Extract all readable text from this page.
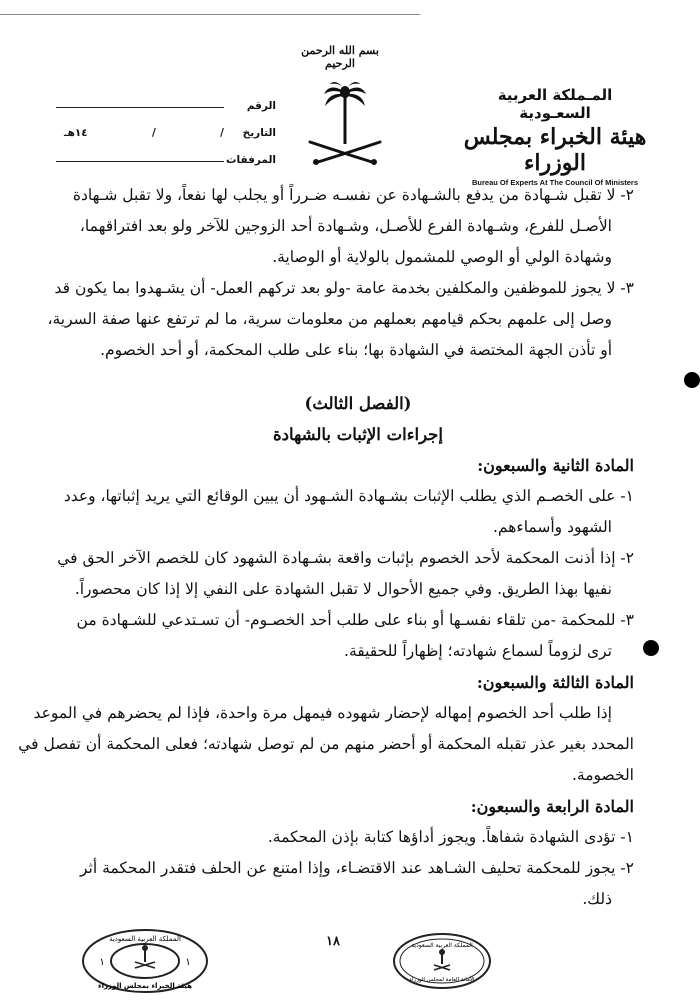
بسم الله الرحمن الرحيم
المـملكة العربية السعـودية
هيئة الخبراء بمجلس الوزراء
Bureau Of Experts At The Council Of Ministers
الرقم
التاريخ
/
/
١٤هـ
المرفقات
٢- لا تقبل شـهادة من يدفع بالشـهادة عن نفسـه ضـرراً أو يجلب لها نفعاً، ولا تقبل شـهادة
الأصـل للفرع، وشـهادة الفرع للأصـل، وشـهادة أحد الزوجين للآخر ولو بعد افتراقهما،
وشهادة الولي أو الوصي للمشمول بالولاية أو الوصاية.
٣- لا يجوز للموظفين والمكلفين بخدمة عامة -ولو بعد تركهم العمل- أن يشـهدوا بما يكون قد
وصل إلى علمهم بحكم قيامهم بعملهم من معلومات سرية، ما لم ترتفع عنها صفة السرية،
أو تأذن الجهة المختصة في الشهادة بها؛ بناء على طلب المحكمة، أو أحد الخصوم.
(الفصل الثالث)
إجراءات الإثبات بالشهادة
المادة الثانية والسبعون:
١- على الخصـم الذي يطلب الإثبات بشـهادة الشـهود أن يبين الوقائع التي يريد إثباتها، وعدد
الشهود وأسماءهم.
٢- إذا أذنت المحكمة لأحد الخصوم بإثبات واقعة بشـهادة الشهود كان للخصم الآخر الحق في
نفيها بهذا الطريق. وفي جميع الأحوال لا تقبل الشهادة على النفي إلا إذا كان محصوراً.
٣- للمحكمة -من تلقاء نفسـها أو بناء على طلب أحد الخصـوم- أن تسـتدعي للشـهادة من
ترى لزوماً لسماع شهادته؛ إظهاراً للحقيقة.
المادة الثالثة والسبعون:
إذا طلب أحد الخصوم إمهاله لإحضار شهوده فيمهل مرة واحدة، فإذا لم يحضرهم في الموعد
المحدد بغير عذر تقبله المحكمة أو أحضر منهم من لم توصل شهادته؛ فعلى المحكمة أن تفصل في
الخصومة.
المادة الرابعة والسبعون:
١- تؤدى الشهادة شفاهاً. ويجوز أداؤها كتابة بإذن المحكمة.
٢- يجوز للمحكمة تحليف الشـاهد عند الاقتضـاء، وإذا امتنع عن الحلف فتقدر المحكمة أثر
ذلك.
المملكة العربية السعودية
هيئة الخبراء بمجلس الوزراء
١	١
١٨	المملكة العربية السعودية
الأمانة العامة لمجلس الوزراء
